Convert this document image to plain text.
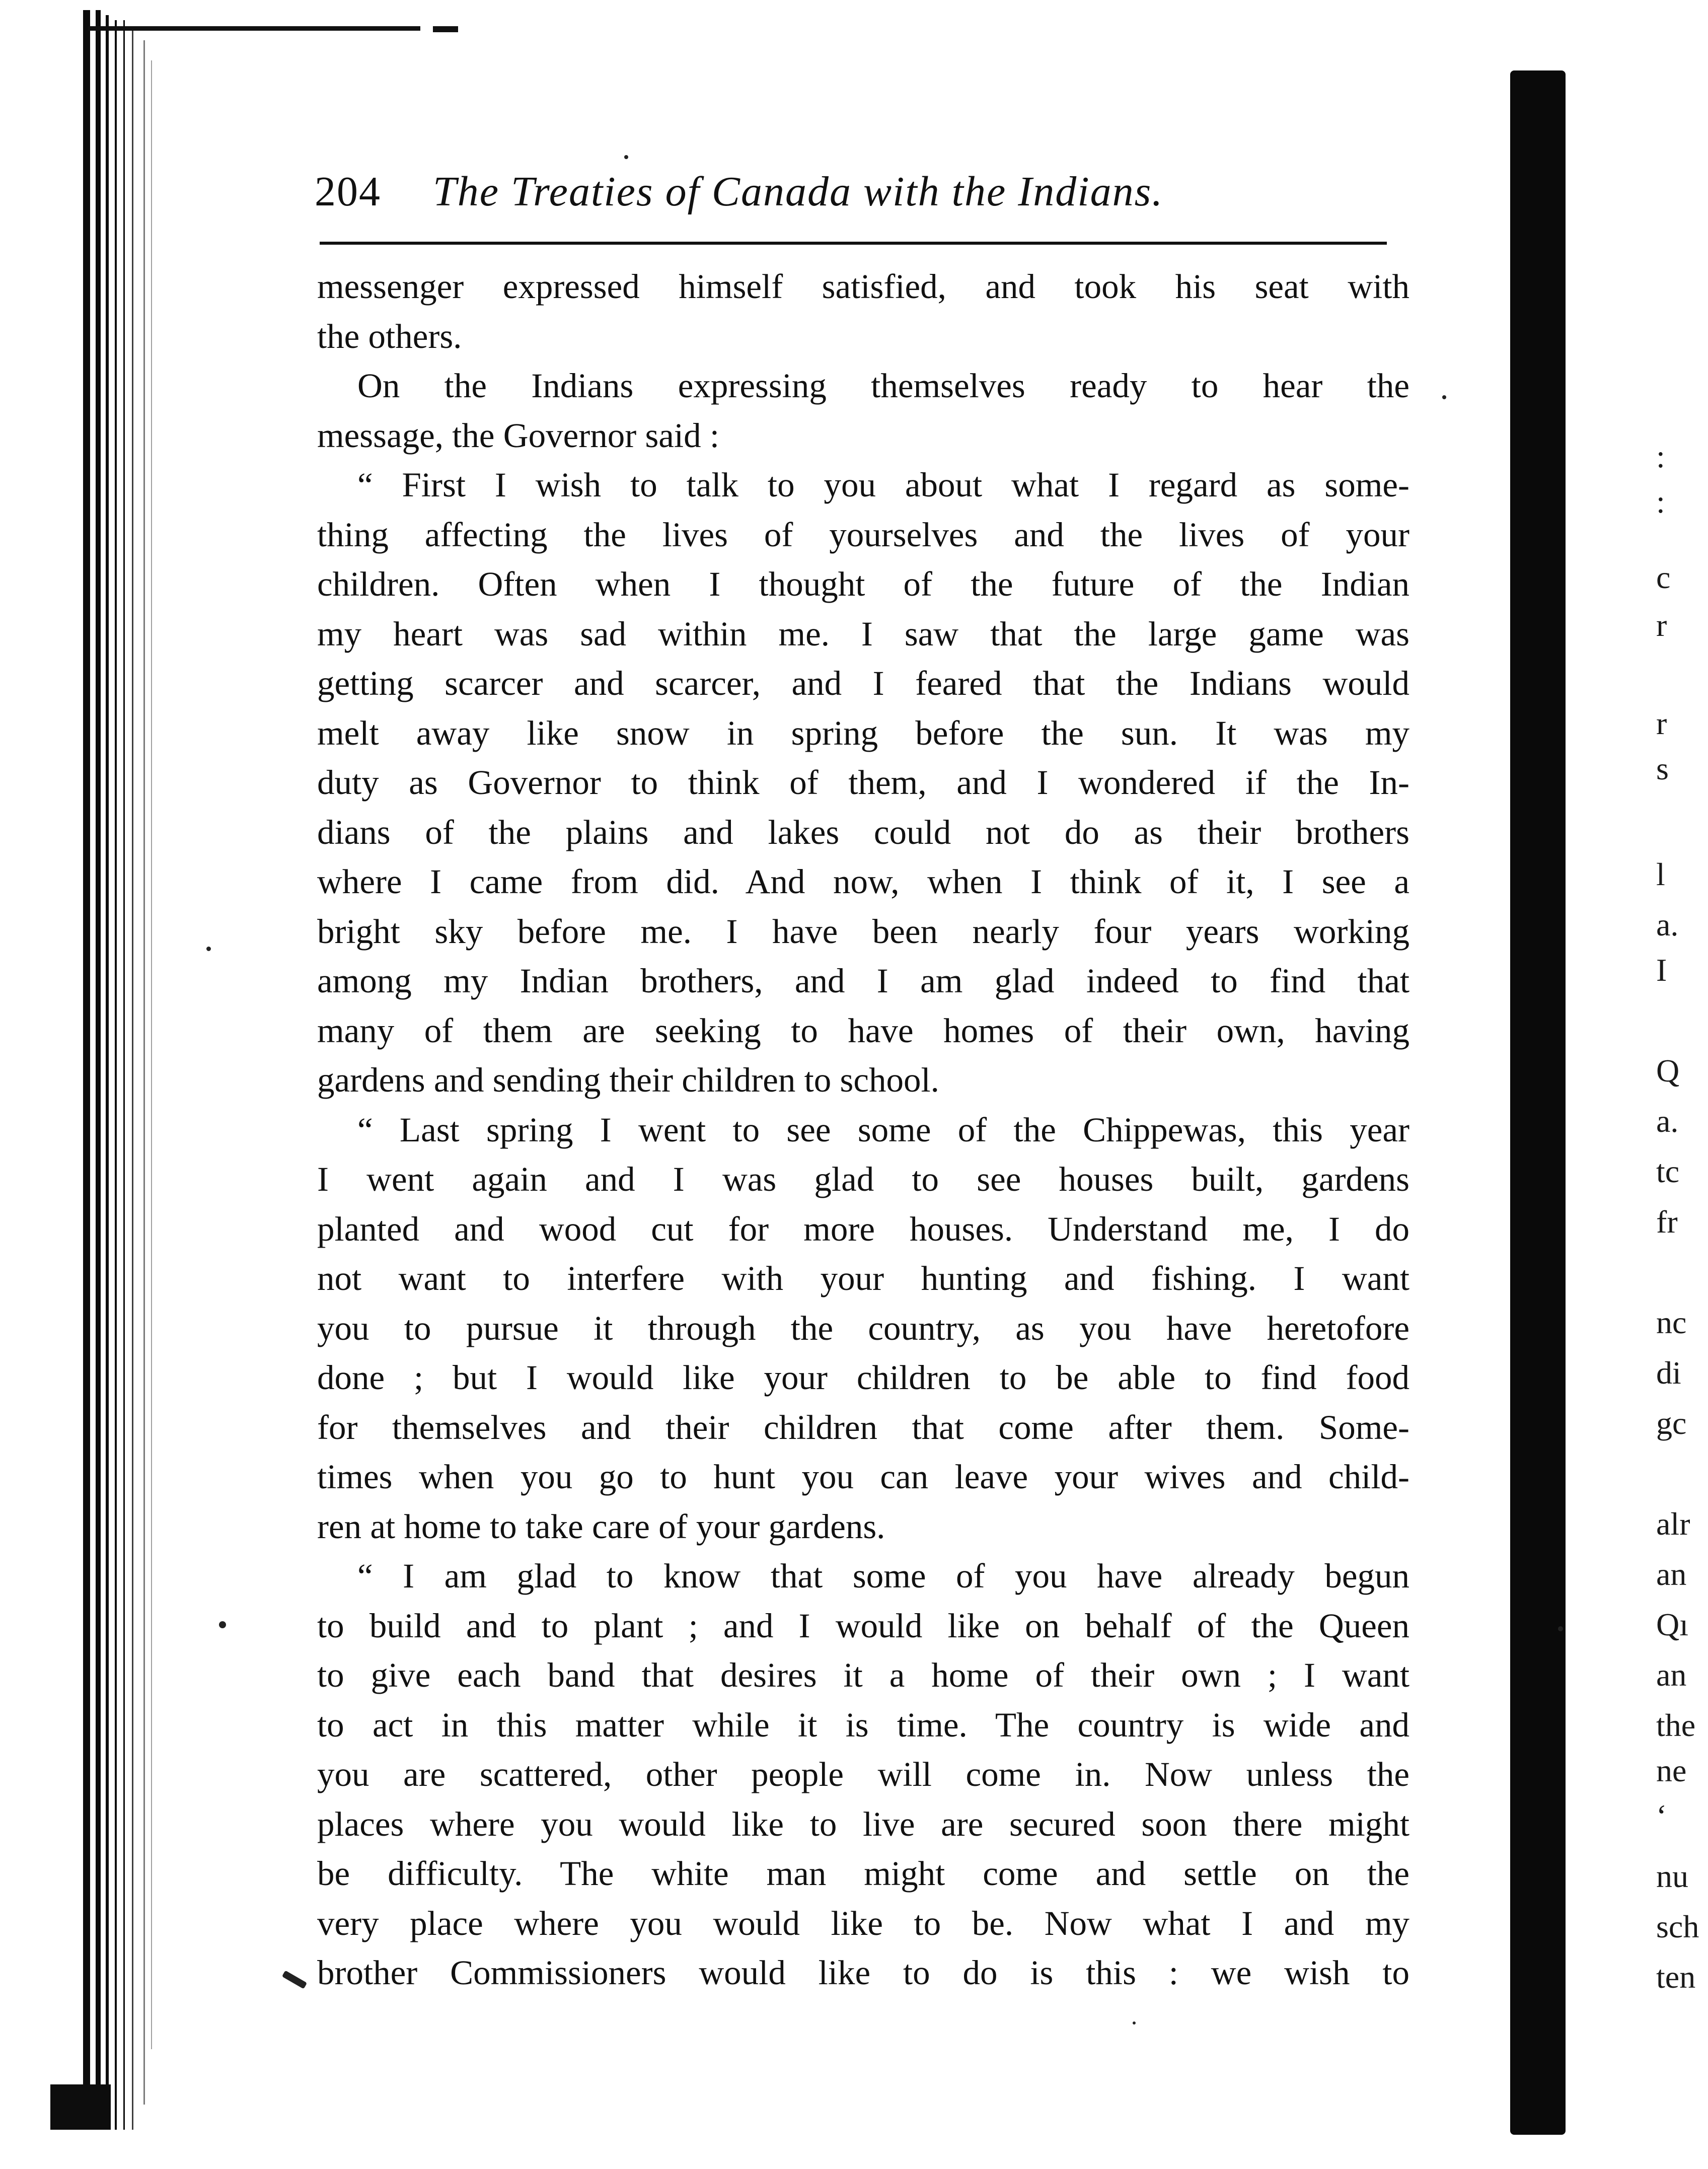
:
:
c
r
r
s
l
a.
I
Q
a.
tc
fr
nc
di
gc
alr
an
Qı
an
the
ne
‘
nu
sch
ten
204 The Treaties of Canada with the Indians.
messenger expressed himself satisfied, and took his seat with
the others.
On the Indians expressing themselves ready to hear the
message, the Governor said :
“ First I wish to talk to you about what I regard as some-
thing affecting the lives of yourselves and the lives of your
children. Often when I thought of the future of the Indian
my heart was sad within me. I saw that the large game was
getting scarcer and scarcer, and I feared that the Indians would
melt away like snow in spring before the sun. It was my
duty as Governor to think of them, and I wondered if the In-
dians of the plains and lakes could not do as their brothers
where I came from did. And now, when I think of it, I see a
bright sky before me. I have been nearly four years working
among my Indian brothers, and I am glad indeed to find that
many of them are seeking to have homes of their own, having
gardens and sending their children to school.
“ Last spring I went to see some of the Chippewas, this year
I went again and I was glad to see houses built, gardens
planted and wood cut for more houses. Understand me, I do
not want to interfere with your hunting and fishing. I want
you to pursue it through the country, as you have heretofore
done ; but I would like your children to be able to find food
for themselves and their children that come after them. Some-
times when you go to hunt you can leave your wives and child-
ren at home to take care of your gardens.
“ I am glad to know that some of you have already begun
to build and to plant ; and I would like on behalf of the Queen
to give each band that desires it a home of their own ; I want
to act in this matter while it is time. The country is wide and
you are scattered, other people will come in. Now unless the
places where you would like to live are secured soon there might
be difficulty. The white man might come and settle on the
very place where you would like to be. Now what I and my
brother Commissioners would like to do is this : we wish to
